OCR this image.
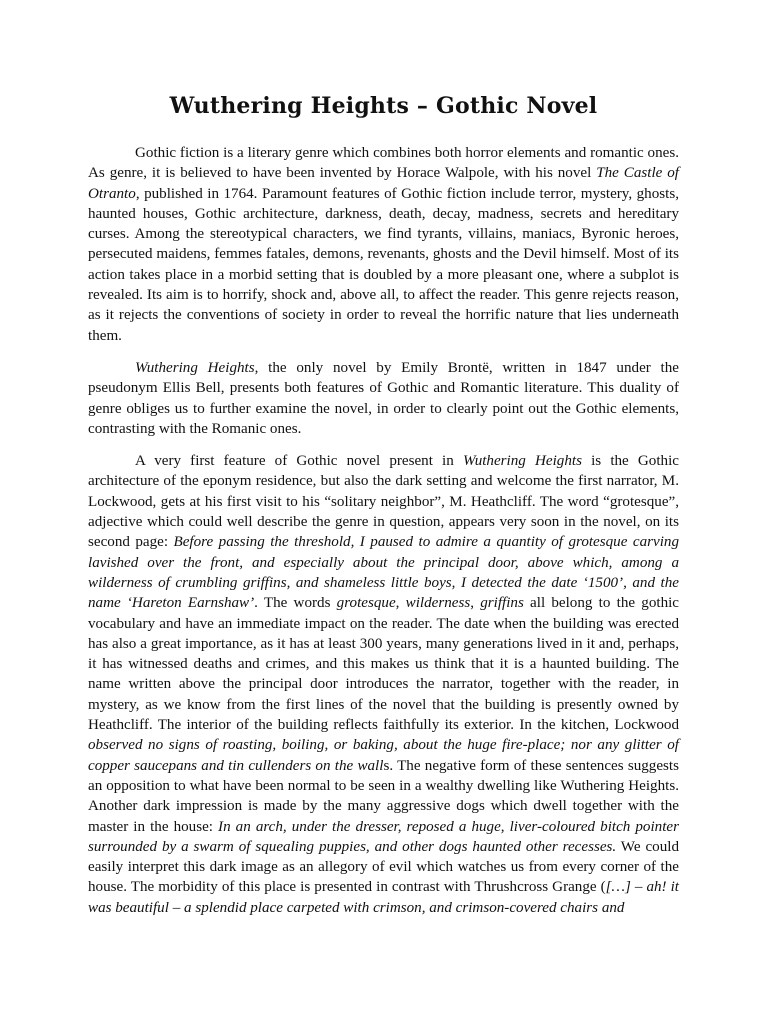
Wuthering Heights – Gothic Novel

Gothic fiction is a literary genre which combines both horror elements and romantic ones. As genre, it is believed to have been invented by Horace Walpole, with his novel The Castle of Otranto, published in 1764. Paramount features of Gothic fiction include terror, mystery, ghosts, haunted houses, Gothic architecture, darkness, death, decay, madness, secrets and hereditary curses. Among the stereotypical characters, we find tyrants, villains, maniacs, Byronic heroes, persecuted maidens, femmes fatales, demons, revenants, ghosts and the Devil himself. Most of its action takes place in a morbid setting that is doubled by a more pleasant one, where a subplot is revealed. Its aim is to horrify, shock and, above all, to affect the reader. This genre rejects reason, as it rejects the conventions of society in order to reveal the horrific nature that lies underneath them.

Wuthering Heights, the only novel by Emily Brontë, written in 1847 under the pseudonym Ellis Bell, presents both features of Gothic and Romantic literature. This duality of genre obliges us to further examine the novel, in order to clearly point out the Gothic elements, contrasting with the Romanic ones.

A very first feature of Gothic novel present in Wuthering Heights is the Gothic architecture of the eponym residence, but also the dark setting and welcome the first narrator, M. Lockwood, gets at his first visit to his “solitary neighbor”, M. Heathcliff. The word “grotesque”, adjective which could well describe the genre in question, appears very soon in the novel, on its second page: Before passing the threshold, I paused to admire a quantity of grotesque carving lavished over the front, and especially about the principal door, above which, among a wilderness of crumbling griffins, and shameless little boys, I detected the date ‘1500’, and the name ‘Hareton Earnshaw’. The words grotesque, wilderness, griffins all belong to the gothic vocabulary and have an immediate impact on the reader. The date when the building was erected has also a great importance, as it has at least 300 years, many generations lived in it and, perhaps, it has witnessed deaths and crimes, and this makes us think that it is a haunted building. The name written above the principal door introduces the narrator, together with the reader, in mystery, as we know from the first lines of the novel that the building is presently owned by Heathcliff. The interior of the building reflects faithfully its exterior. In the kitchen, Lockwood observed no signs of roasting, boiling, or baking, about the huge fire-place; nor any glitter of copper saucepans and tin cullenders on the walls. The negative form of these sentences suggests an opposition to what have been normal to be seen in a wealthy dwelling like Wuthering Heights. Another dark impression is made by the many aggressive dogs which dwell together with the master in the house: In an arch, under the dresser, reposed a huge, liver-coloured bitch pointer surrounded by a swarm of squealing puppies, and other dogs haunted other recesses. We could easily interpret this dark image as an allegory of evil which watches us from every corner of the house. The morbidity of this place is presented in contrast with Thrushcross Grange ([…] – ah! it was beautiful – a splendid place carpeted with crimson, and crimson-covered chairs and
